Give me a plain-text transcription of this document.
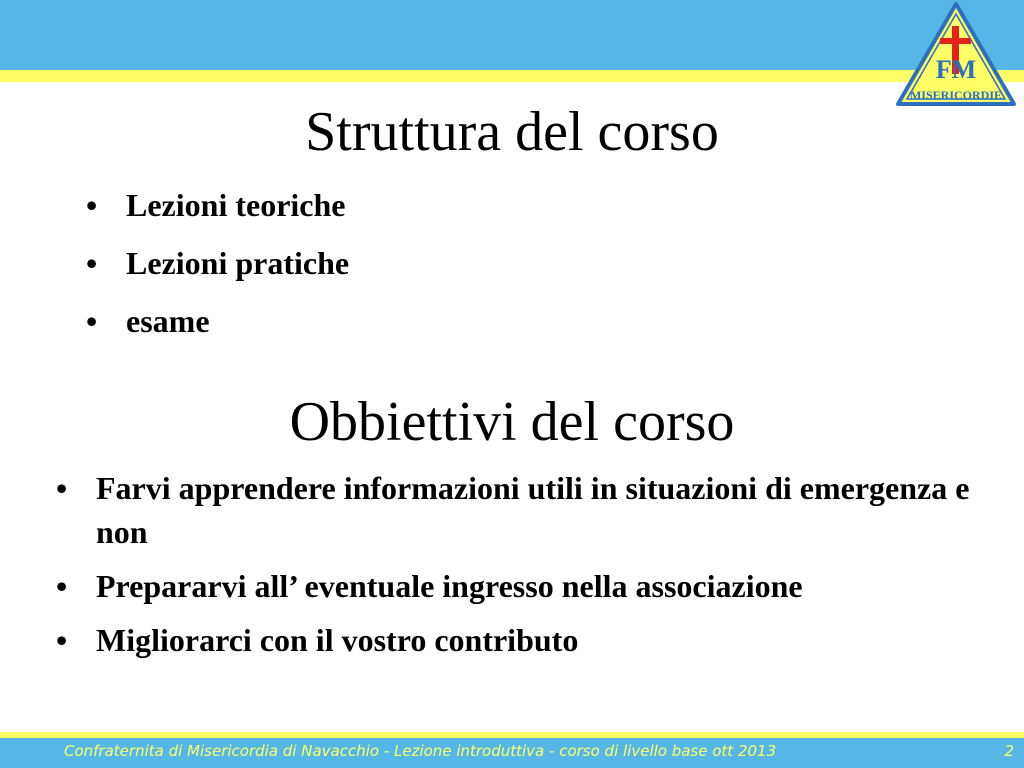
FM
MISERICORDIE
Struttura del corso
• Lezioni teoriche
• Lezioni pratiche
• esame
Obbiettivi del corso
• Farvi apprendere informazioni utili in situazioni di emergenza e non
• Prepararvi all’ eventuale ingresso nella associazione
• Migliorarci con il vostro contributo
Confraternita di Misericordia di Navacchio - Lezione introduttiva - corso di livello base ott 2013	2
